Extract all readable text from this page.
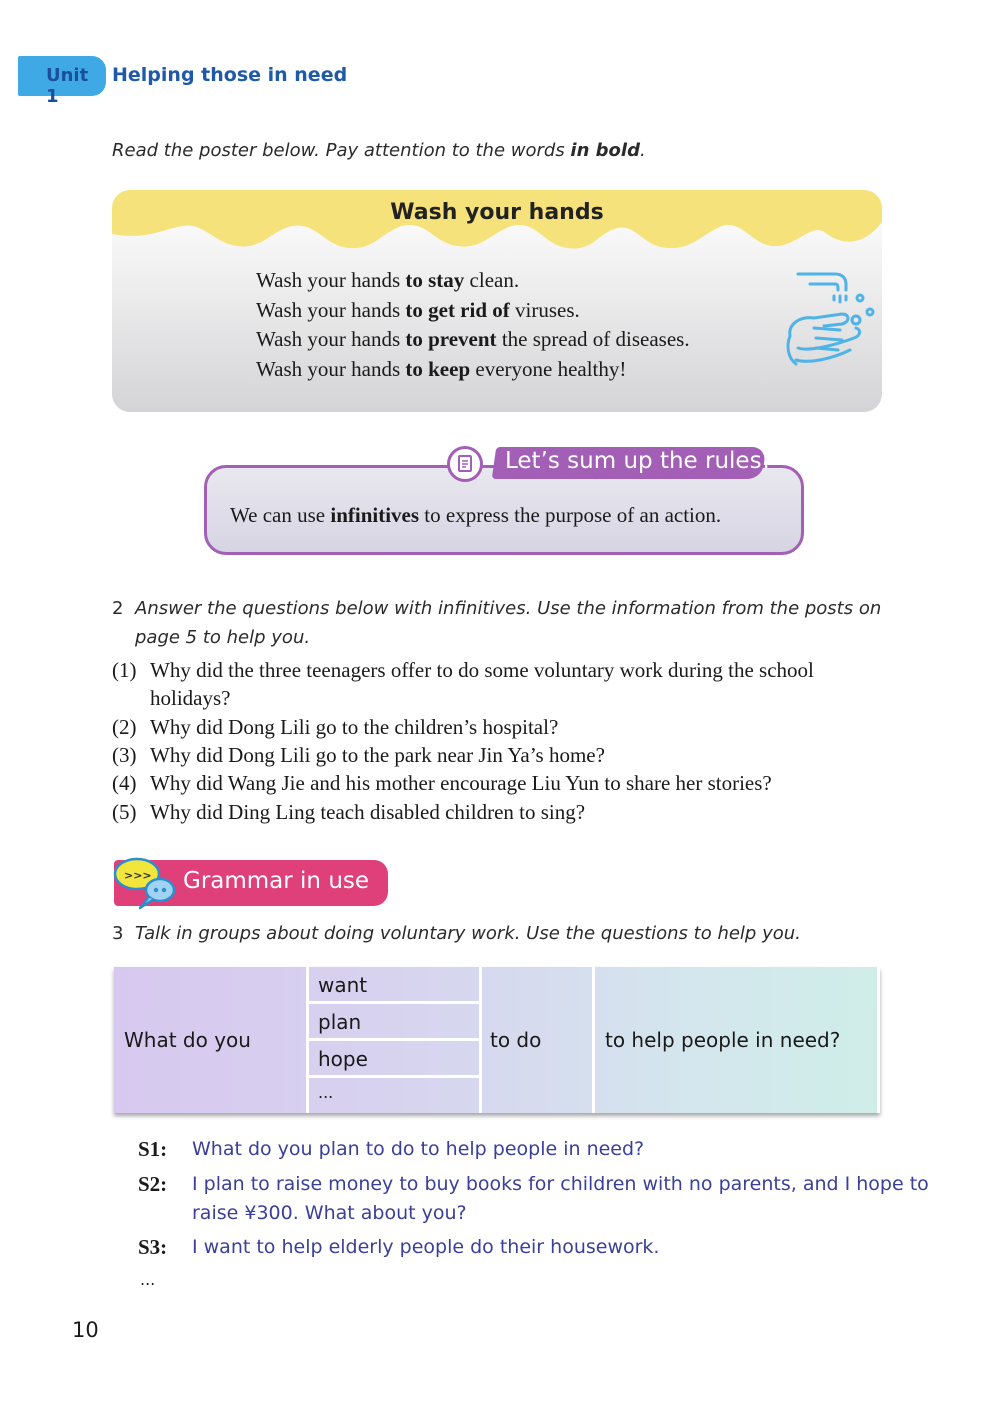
Unit 1
Helping those in need
Read the poster below. Pay attention to the words in bold.
Wash your hands
Wash your hands to stay clean.
Wash your hands to get rid of viruses.
Wash your hands to prevent the spread of diseases.
Wash your hands to keep everyone healthy!
Let’s sum up the rules!
We can use infinitives to express the purpose of an action.
2 Answer the questions below with infinitives. Use the information from the posts on
page 5 to help you.
(1) Why did the three teenagers offer to do some voluntary work during the school
holidays?
(2) Why did Dong Lili go to the children’s hospital?
(3) Why did Dong Lili go to the park near Jin Ya’s home?
(4) Why did Wang Jie and his mother encourage Liu Yun to share her stories?
(5) Why did Ding Ling teach disabled children to sing?
>>> Grammar in use
3 Talk in groups about doing voluntary work. Use the questions to help you.
What do you
want
plan
hope
...
to do	to help people in need?
S1: What do you plan to do to help people in need?
S2: I plan to raise money to buy books for children with no parents, and I hope to
raise ¥300. What about you?
S3: I want to help elderly people do their housework.
...
10
